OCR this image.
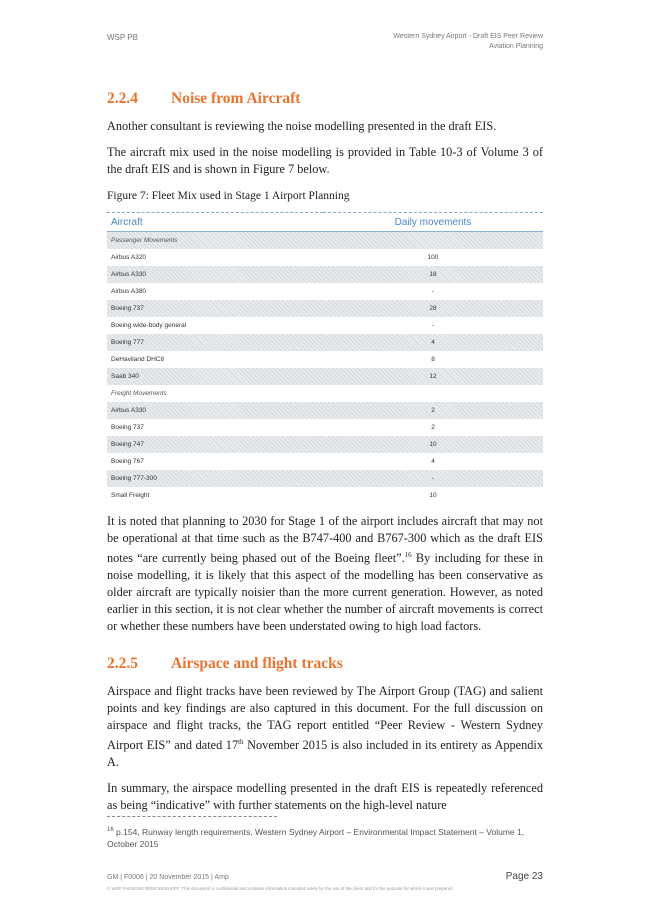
WSP PB	Western Sydney Airport - Draft EIS Peer Review
Aviation Planning
2.2.4	Noise from Aircraft

Another consultant is reviewing the noise modelling presented in the draft EIS.

The aircraft mix used in the noise modelling is provided in Table 10-3 of Volume 3 of the draft EIS and is shown in Figure 7 below.

Figure 7: Fleet Mix used in Stage 1 Airport Planning

Aircraft	Daily movements
Passenger Movements	
Airbus A320	100
Airbus A330	18
Airbus A380	-
Boeing 737	28
Boeing wide-body general	-
Boeing 777	4
DeHaviland DHC8	8
Saab 340	12
Freight Movements	
Airbus A330	2
Boeing 737	2
Boeing 747	10
Boeing 767	4
Boeing 777-300	-
Small Freight	10

It is noted that planning to 2030 for Stage 1 of the airport includes aircraft that may not be operational at that time such as the B747-400 and B767-300 which as the draft EIS notes “are currently being phased out of the Boeing fleet”.$^{16}$ By including for these in noise modelling, it is likely that this aspect of the modelling has been conservative as older aircraft are typically noisier than the more current generation. However, as noted earlier in this section, it is not clear whether the number of aircraft movements is correct or whether these numbers have been understated owing to high load factors.

2.2.5	Airspace and flight tracks

Airspace and flight tracks have been reviewed by The Airport Group (TAG) and salient points and key findings are also captured in this document. For the full discussion on airspace and flight tracks, the TAG report entitled “Peer Review - Western Sydney Airport EIS” and dated 17th November 2015 is also included in its entirety as Appendix A.

In summary, the airspace modelling presented in the draft EIS is repeatedly referenced as being “indicative” with further statements on the high-level nature

$^{16}$ p.154, Runway length requirements, Western Sydney Airport – Environmental Impact Statement – Volume 1, October 2015
GM | F0006 | 20 November 2015 | Amp	Page 23
© WSP PARSONS BRINCKERHOFF. This document is confidential and contains information intended solely for the use of the client and for the purpose for which it was prepared.
